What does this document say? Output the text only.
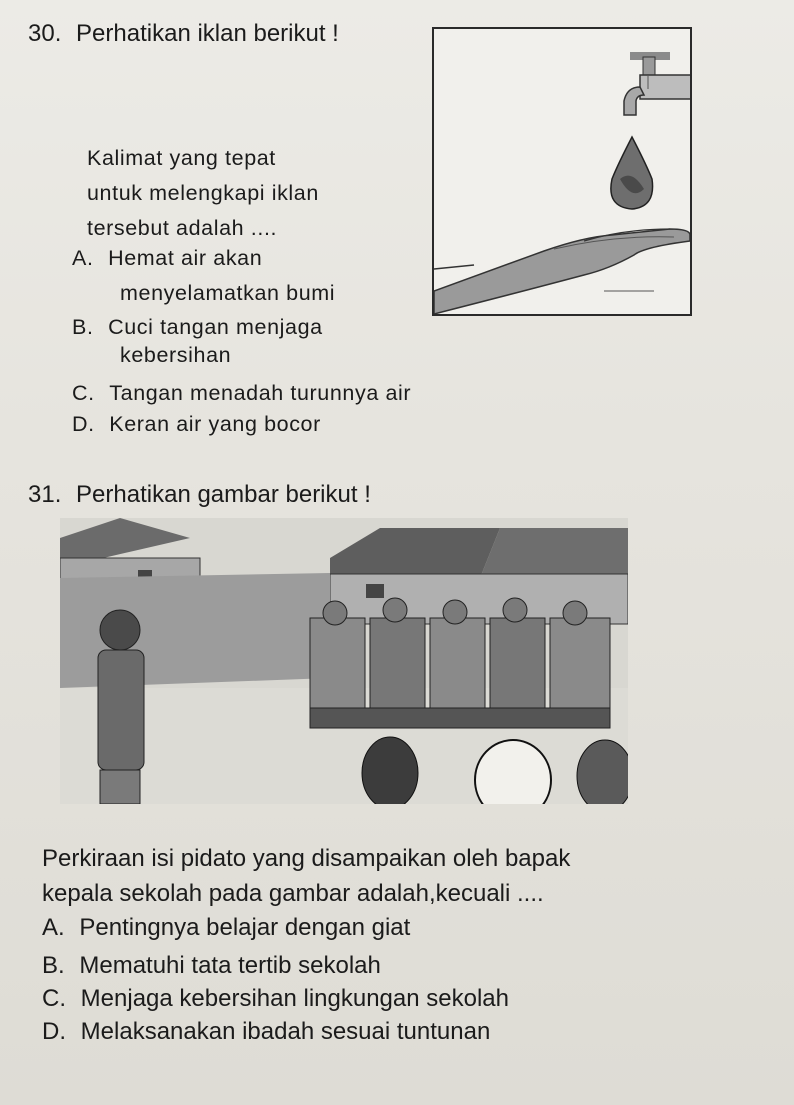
30. Perhatikan iklan berikut !
Kalimat yang tepat
untuk melengkapi iklan
tersebut adalah ....
A. Hemat air akan
menyelamatkan bumi
B. Cuci tangan menjaga
kebersihan
C. Tangan menadah turunnya air
D. Keran air yang bocor
31. Perhatikan gambar berikut !
Perkiraan isi pidato yang disampaikan oleh bapak
kepala sekolah pada gambar adalah,kecuali ....
A. Pentingnya belajar dengan giat
B. Mematuhi tata tertib sekolah
C. Menjaga kebersihan lingkungan sekolah
D. Melaksanakan ibadah sesuai tuntunan
